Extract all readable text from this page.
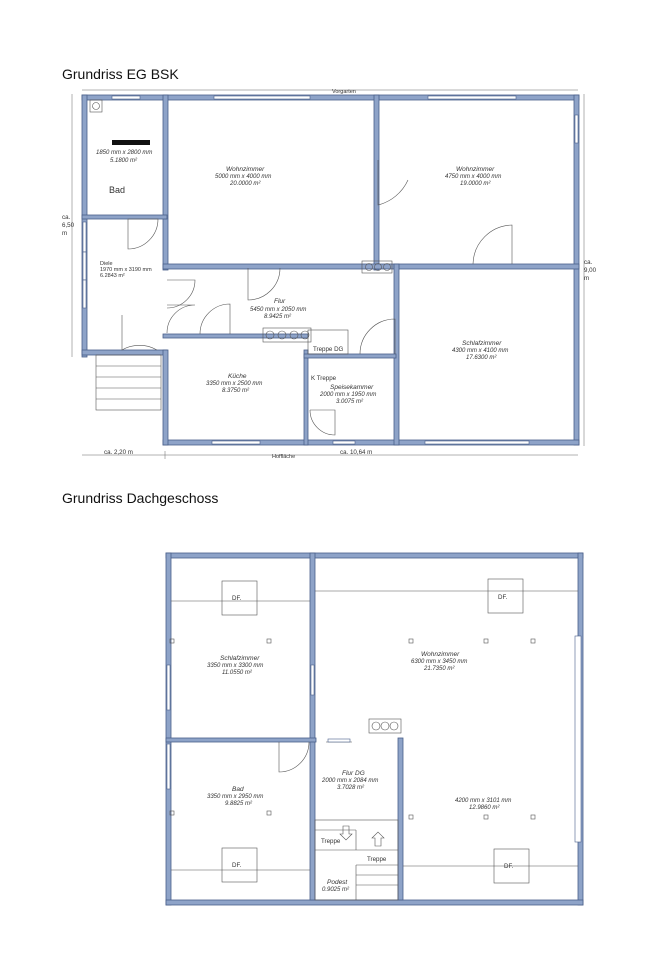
Grundriss EG BSK
Grundriss Dachgeschoss
Vorgarten
Hoffläche
ca.
6,50
m
ca.
9,00
m
ca. 2,20 m	ca. 10,64 m
1850 mm x 2800 mm
5.1800 m²
Bad
Wohnzimmer
5000 mm x 4000 mm
20.0000 m²
Wohnzimmer
4750 mm x 4000 mm
19.0000 m²
Diele
1970 mm x 3190 mm
6.2843 m²
Flur
5450 mm x 2050 mm
8.9425 m²
Küche
3350 mm x 2500 mm
8.3750 m²
Schlafzimmer
4300 mm x 4100 mm
17.6300 m²
Treppe DG
K Treppe
Speisekammer
2000 mm x 1950 mm
3.0075 m²
DF.	DF.
DF.	DF.
Schlafzimmer
3350 mm x 3300 mm
11.0550 m²
Wohnzimmer
6300 mm x 3450 mm
21.7350 m²
Bad
3350 mm x 2950 mm
9.8825 m²
Flur DG
2000 mm x 2084 mm
3.7028 m²
4200 mm x 3101 mm
12.9860 m²
Treppe
Treppe
Podest
0.9025 m²
